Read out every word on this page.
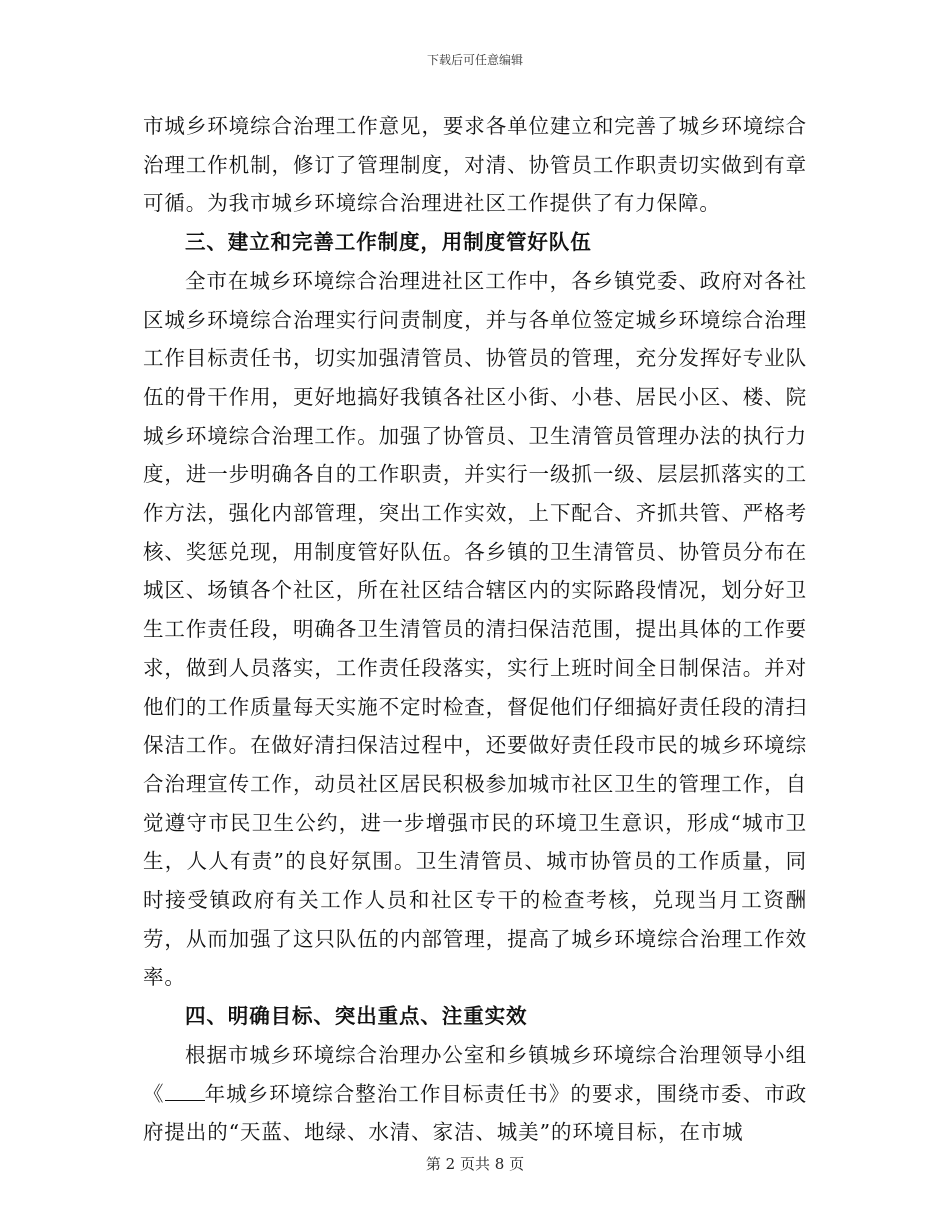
下载后可任意编辑

市城乡环境综合治理工作意见，要求各单位建立和完善了城乡环境综合治理工作机制，修订了管理制度，对清、协管员工作职责切实做到有章可循。为我市城乡环境综合治理进社区工作提供了有力保障。

三、建立和完善工作制度，用制度管好队伍

全市在城乡环境综合治理进社区工作中，各乡镇党委、政府对各社区城乡环境综合治理实行问责制度，并与各单位签定城乡环境综合治理工作目标责任书，切实加强清管员、协管员的管理，充分发挥好专业队伍的骨干作用，更好地搞好我镇各社区小街、小巷、居民小区、楼、院城乡环境综合治理工作。加强了协管员、卫生清管员管理办法的执行力度，进一步明确各自的工作职责，并实行一级抓一级、层层抓落实的工作方法，强化内部管理，突出工作实效，上下配合、齐抓共管、严格考核、奖惩兑现，用制度管好队伍。各乡镇的卫生清管员、协管员分布在城区、场镇各个社区，所在社区结合辖区内的实际路段情况，划分好卫生工作责任段，明确各卫生清管员的清扫保洁范围，提出具体的工作要求，做到人员落实，工作责任段落实，实行上班时间全日制保洁。并对他们的工作质量每天实施不定时检查，督促他们仔细搞好责任段的清扫保洁工作。在做好清扫保洁过程中，还要做好责任段市民的城乡环境综合治理宣传工作，动员社区居民积极参加城市社区卫生的管理工作，自觉遵守市民卫生公约，进一步增强市民的环境卫生意识，形成“城市卫生，人人有责”的良好氛围。卫生清管员、城市协管员的工作质量，同时接受镇政府有关工作人员和社区专干的检查考核，兑现当月工资酬劳，从而加强了这只队伍的内部管理，提高了城乡环境综合治理工作效率。

四、明确目标、突出重点、注重实效

根据市城乡环境综合治理办公室和乡镇城乡环境综合治理领导小组《 年城乡环境综合整治工作目标责任书》的要求，围绕市委、市政府提出的“天蓝、地绿、水清、家洁、城美”的环境目标，在市城

第 2 页共 8 页
